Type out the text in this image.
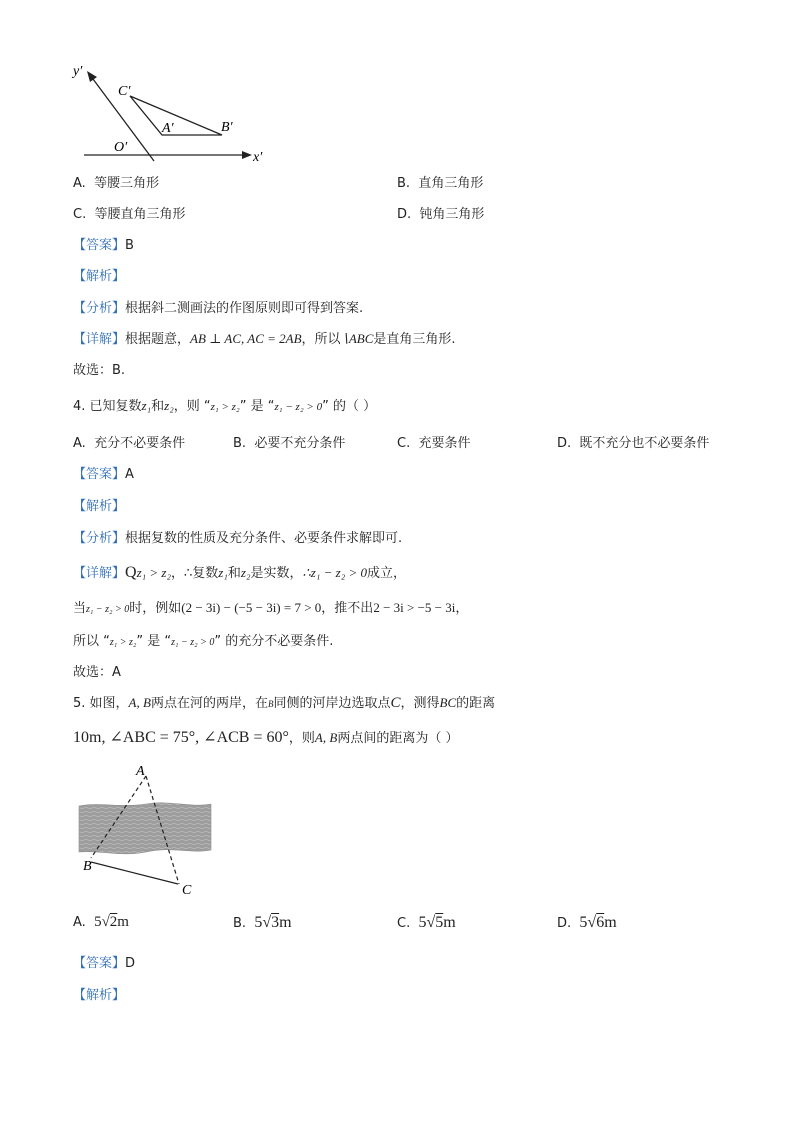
y′
x′
O′
C′
A′	B′
A. 等腰三角形	B. 直角三角形
C. 等腰直角三角形	D. 钝角三角形
【答案】B
【解析】
【分析】根据斜二测画法的作图原则即可得到答案.
【详解】根据题意，AB ⊥ AC, AC = 2AB，所以∖ABC是直角三角形.
故选：B.
4. 已知复数z₁和z₂，则 “z₁ > z₂” 是 “z₁ − z₂ > 0” 的（ ）
A. 充分不必要条件	B. 必要不充分条件	C. 充要条件	D. 既不充分也不必要条件
【答案】A
【解析】
【分析】根据复数的性质及充分条件、必要条件求解即可.
【详解】Qz₁ > z₂，∴复数z₁和z₂是实数，∴z₁ − z₂ > 0成立，
当z₁ − z₂ > 0时，例如(2 − 3i) − (−5 − 3i) = 7 > 0，推不出2 − 3i > −5 − 3i，
所以 “z₁ > z₂” 是 “z₁ − z₂ > 0” 的充分不必要条件.
故选：A
5. 如图，A, B两点在河的两岸，在B同侧的河岸边选取点C，测得BC的距离
10m, ∠ABC = 75°, ∠ACB = 60°，则A, B两点间的距离为（ ）
A
B
C
A. 5√2m	B. 5√3m	C. 5√5m	D. 5√6m
【答案】D
【解析】
